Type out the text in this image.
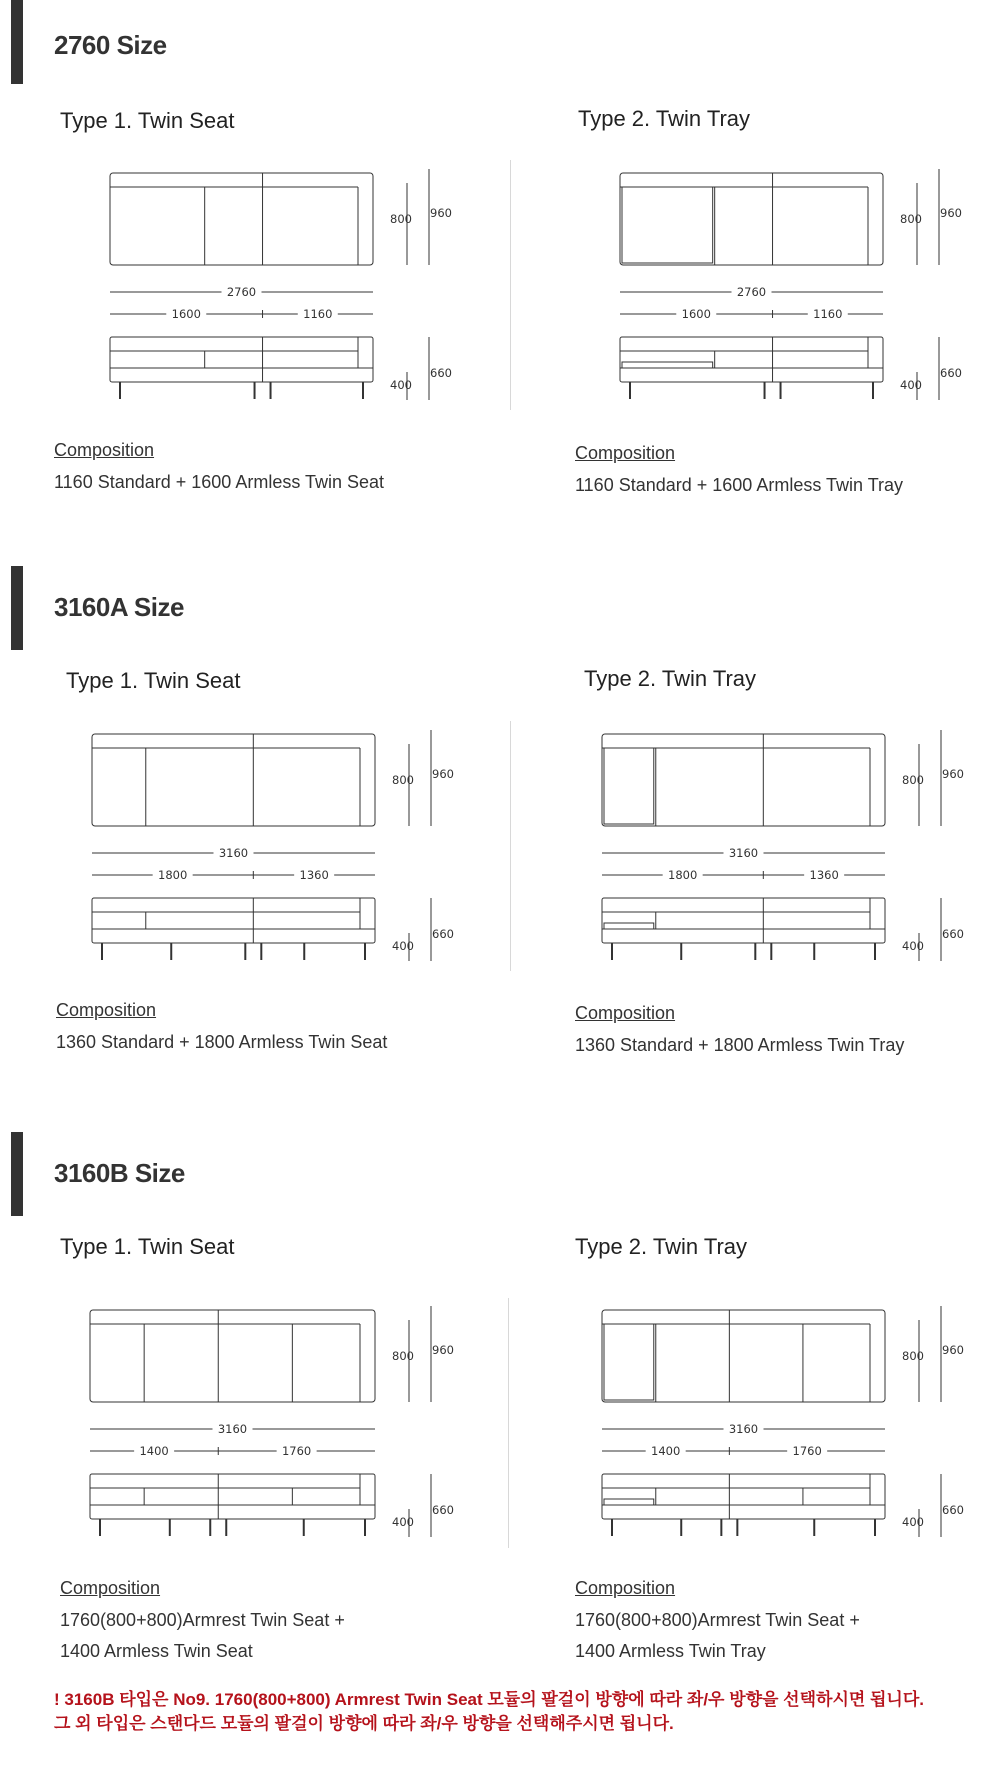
2760 Size
Type 1. Twin Seat	Type 2. Twin Tray
800 960
2760
1600	1160
400
660
800 960
2760
1600	1160
400
660
Composition
1160 Standard + 1600 Armless Twin Seat
Composition
1160 Standard + 1600 Armless Twin Tray
3160A Size
Type 1. Twin Seat	Type 2. Twin Tray
800 960
3160
1800	1360
400
660
800 960
3160
1800	1360
400
660
Composition
1360 Standard + 1800 Armless Twin Seat
Composition
1360 Standard + 1800 Armless Twin Tray
3160B Size
Type 1. Twin Seat	Type 2. Twin Tray
800 960
3160
1400	1760
400
660
800 960
3160
1400	1760
400
660
Composition
1760(800+800)Armrest Twin Seat +
1400 Armless Twin Seat
Composition
1760(800+800)Armrest Twin Seat +
1400 Armless Twin Tray
! 3160B 타입은 No9. 1760(800+800) Armrest Twin Seat 모듈의 팔걸이 방향에 따라 좌/우 방향을 선택하시면 됩니다.
그 외 타입은 스탠다드 모듈의 팔걸이 방향에 따라 좌/우 방향을 선택해주시면 됩니다.
